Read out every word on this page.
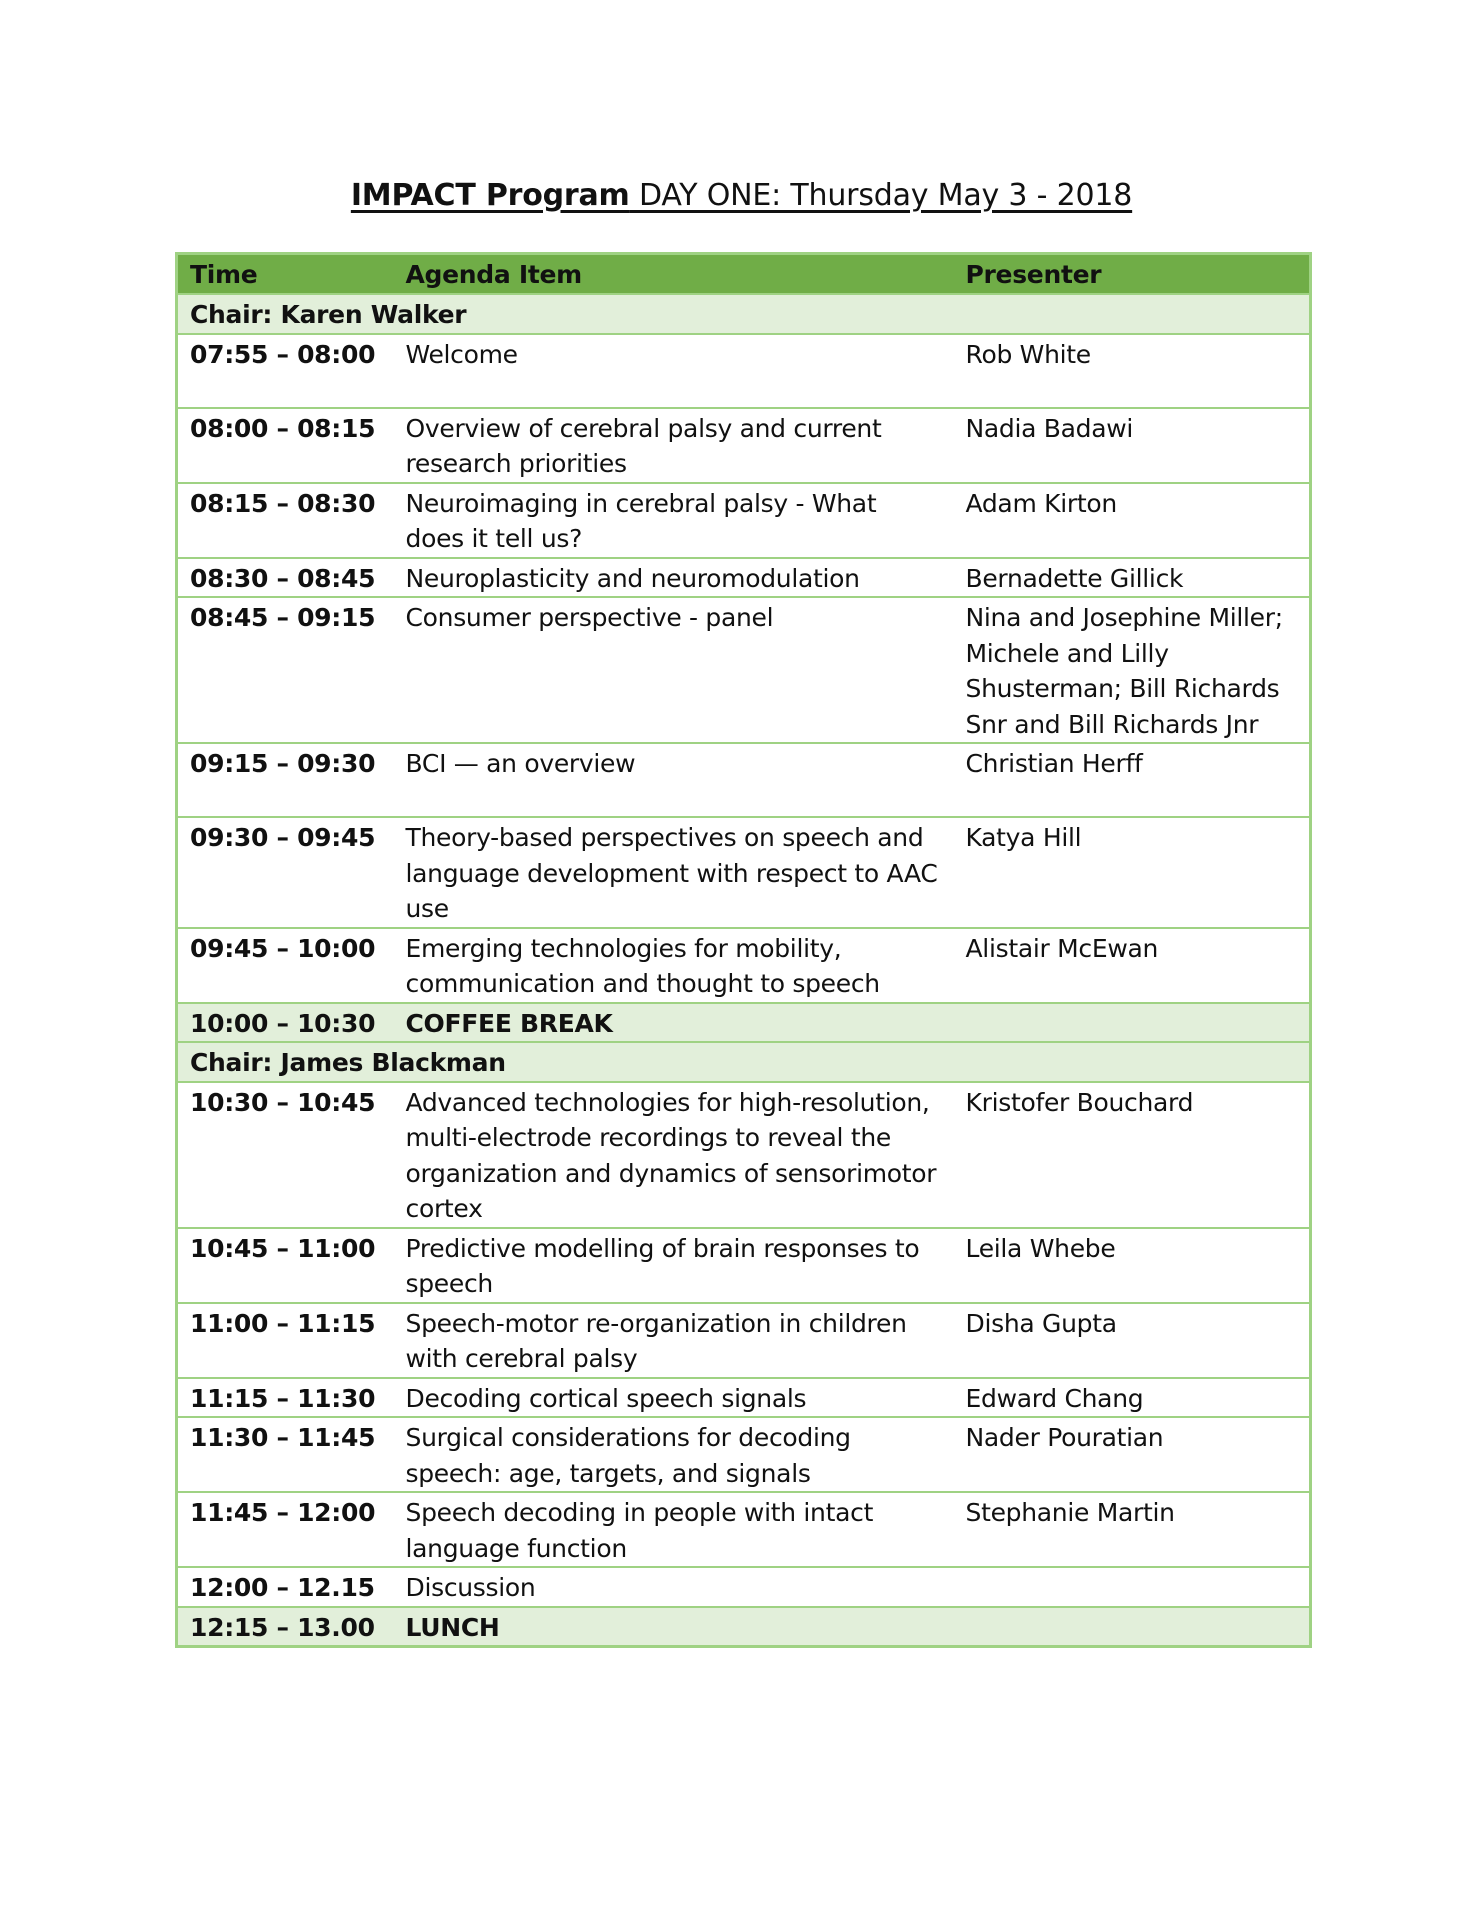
IMPACT Program DAY ONE: Thursday May 3 - 2018
Time	Agenda Item	Presenter
Chair: Karen Walker		
07:55 – 08:00	Welcome	Rob White
08:00 – 08:15	Overview of cerebral palsy and current research priorities	Nadia Badawi
08:15 – 08:30	Neuroimaging in cerebral palsy - What does it tell us?	Adam Kirton
08:30 – 08:45	Neuroplasticity and neuromodulation	Bernadette Gillick
08:45 – 09:15	Consumer perspective - panel	Nina and Josephine Miller; Michele and Lilly Shusterman; Bill Richards Snr and Bill Richards Jnr
09:15 – 09:30	BCI — an overview	Christian Herff
09:30 – 09:45	Theory-based perspectives on speech and language development with respect to AAC use	Katya Hill
09:45 – 10:00	Emerging technologies for mobility, communication and thought to speech	Alistair McEwan
10:00 – 10:30	COFFEE BREAK	
Chair: James Blackman		
10:30 – 10:45	Advanced technologies for high-resolution, multi-electrode recordings to reveal the organization and dynamics of sensorimotor cortex	Kristofer Bouchard
10:45 – 11:00	Predictive modelling of brain responses to speech	Leila Whebe
11:00 – 11:15	Speech-motor re-organization in children with cerebral palsy	Disha Gupta
11:15 – 11:30	Decoding cortical speech signals	Edward Chang
11:30 – 11:45	Surgical considerations for decoding speech: age, targets, and signals	Nader Pouratian
11:45 – 12:00	Speech decoding in people with intact language function	Stephanie Martin
12:00 – 12.15	Discussion	
12:15 – 13.00	LUNCH	
